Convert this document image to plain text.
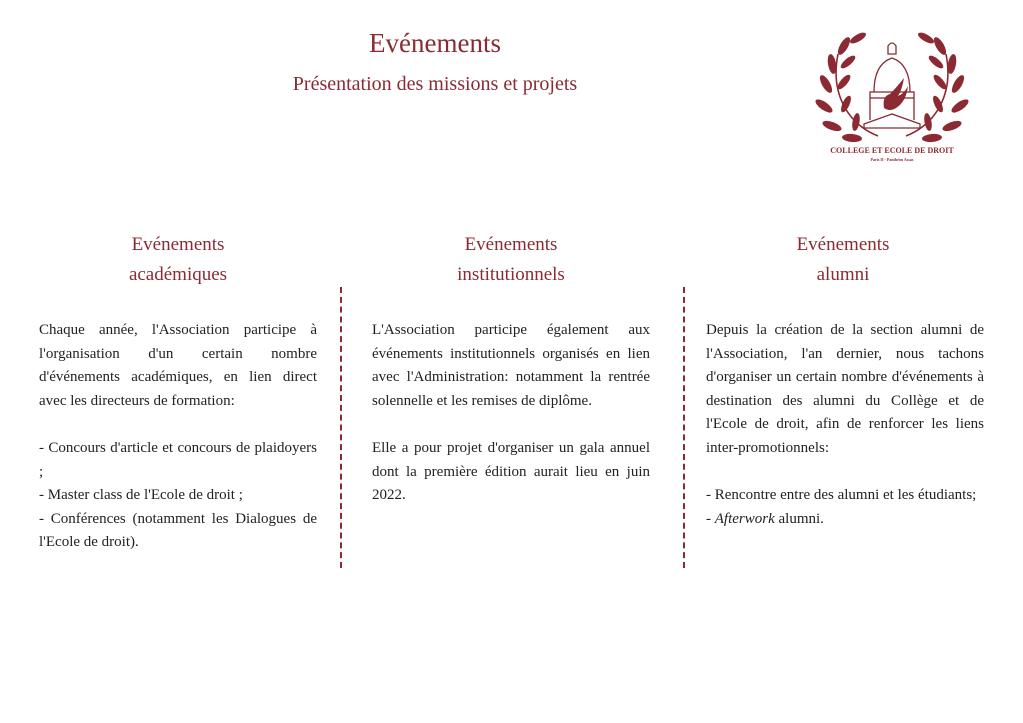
Evénements
Présentation des missions et projets
COLLEGE ET ECOLE DE DROIT
Paris II - Panthéon Assas
Evénements
académiques

Chaque année, l'Association participe à l'organisation d'un certain nombre d'événements académiques, en lien direct avec les directeurs de formation:

- Concours d'article et concours de plaidoyers ;

- Master class de l'Ecole de droit ;

- Conférences (notamment les Dialogues de l'Ecole de droit).

Evénements
institutionnels

L'Association participe également aux événements institutionnels organisés en lien avec l'Administration: notamment la rentrée solennelle et les remises de diplôme.

Elle a pour projet d'organiser un gala annuel dont la première édition aurait lieu en juin 2022.

Evénements
alumni

Depuis la création de la section alumni de l'Association, l'an dernier, nous tachons d'organiser un certain nombre d'événements à destination des alumni du Collège et de l'Ecole de droit, afin de renforcer les liens inter-promotionnels:

- Rencontre entre des alumni et les étudiants;

- Afterwork alumni.
